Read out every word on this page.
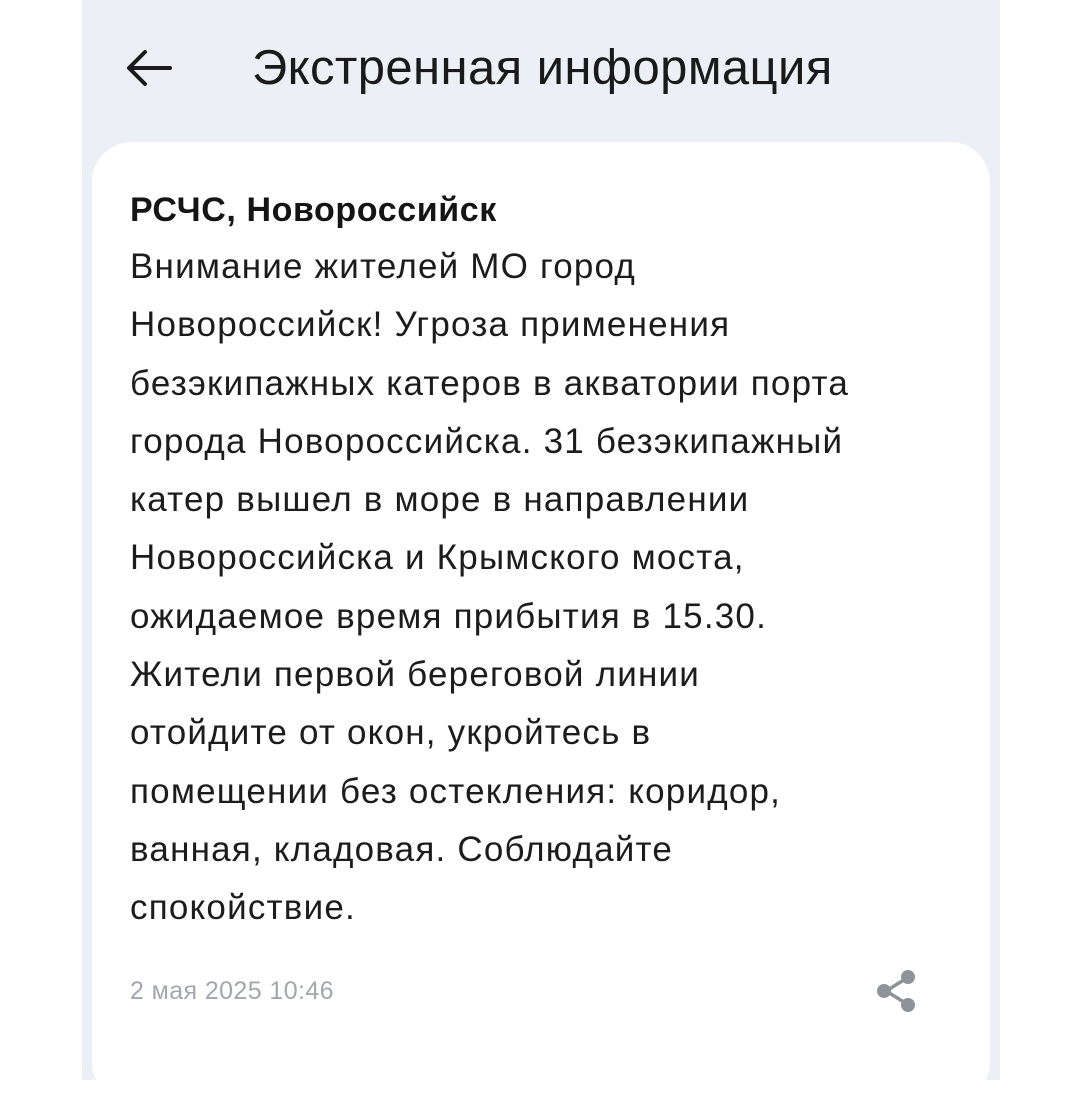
Экстренная информация
РСЧС, Новороссийск

Внимание жителей МО город
Новороссийск! Угроза применения
безэкипажных катеров в акватории порта
города Новороссийска. 31 безэкипажный
катер вышел в море в направлении
Новороссийска и Крымского моста,
ожидаемое время прибытия в 15.30.
Жители первой береговой линии
отойдите от окон, укройтесь в
помещении без остекления: коридор,
ванная, кладовая. Соблюдайте
спокойствие.

2 мая 2025 10:46
